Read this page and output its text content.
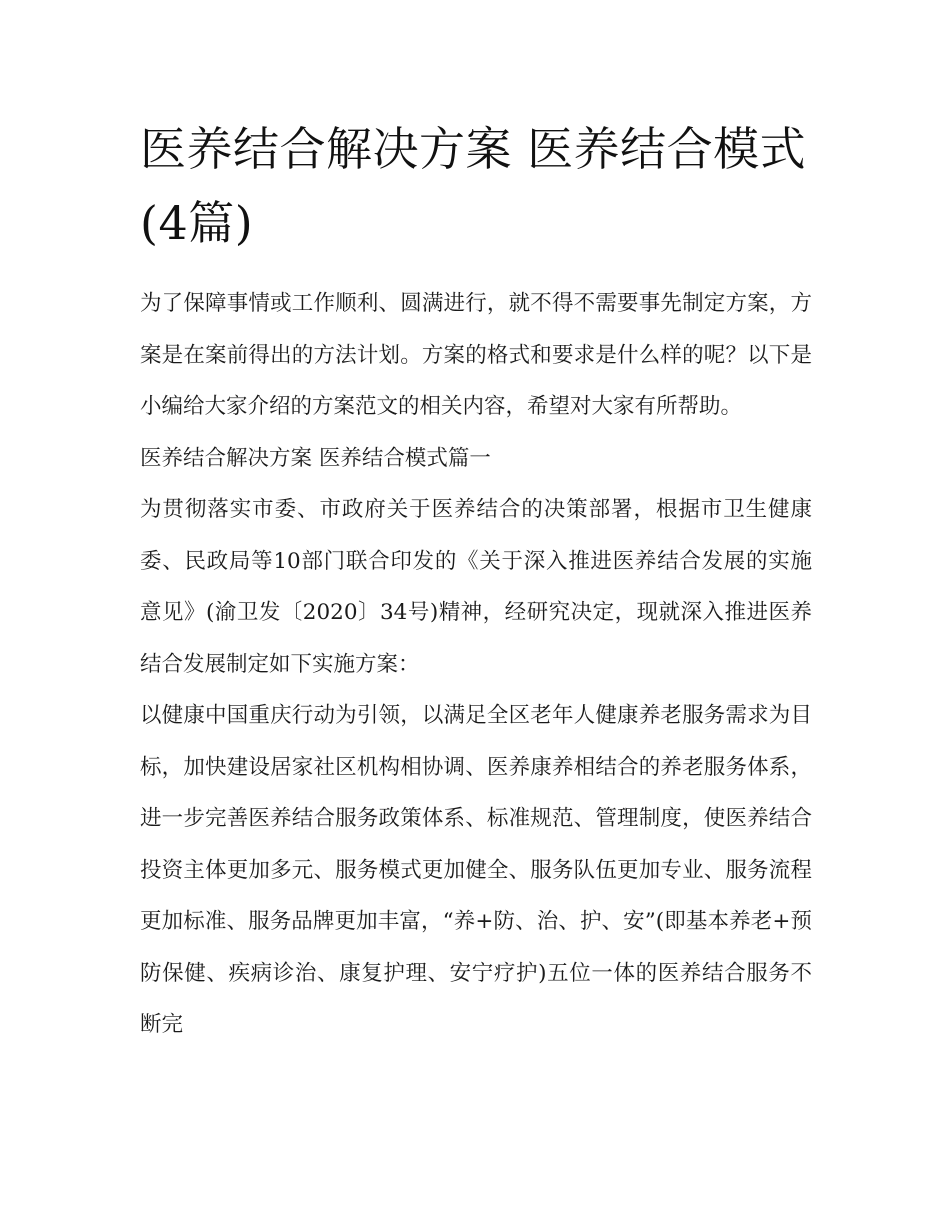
医养结合解决方案 医养结合模式(4篇)

为了保障事情或工作顺利、圆满进行，就不得不需要事先制定方案，方案是在案前得出的方法计划。方案的格式和要求是什么样的呢？以下是小编给大家介绍的方案范文的相关内容，希望对大家有所帮助。

医养结合解决方案 医养结合模式篇一

为贯彻落实市委、市政府关于医养结合的决策部署，根据市卫生健康委、民政局等10部门联合印发的《关于深入推进医养结合发展的实施意见》(渝卫发〔2020〕34号)精神，经研究决定，现就深入推进医养结合发展制定如下实施方案：

以健康中国重庆行动为引领，以满足全区老年人健康养老服务需求为目标，加快建设居家社区机构相协调、医养康养相结合的养老服务体系，进一步完善医养结合服务政策体系、标准规范、管理制度，使医养结合投资主体更加多元、服务模式更加健全、服务队伍更加专业、服务流程更加标准、服务品牌更加丰富，“养+防、治、护、安”(即基本养老+预防保健、疾病诊治、康复护理、安宁疗护)五位一体的医养结合服务不断完
